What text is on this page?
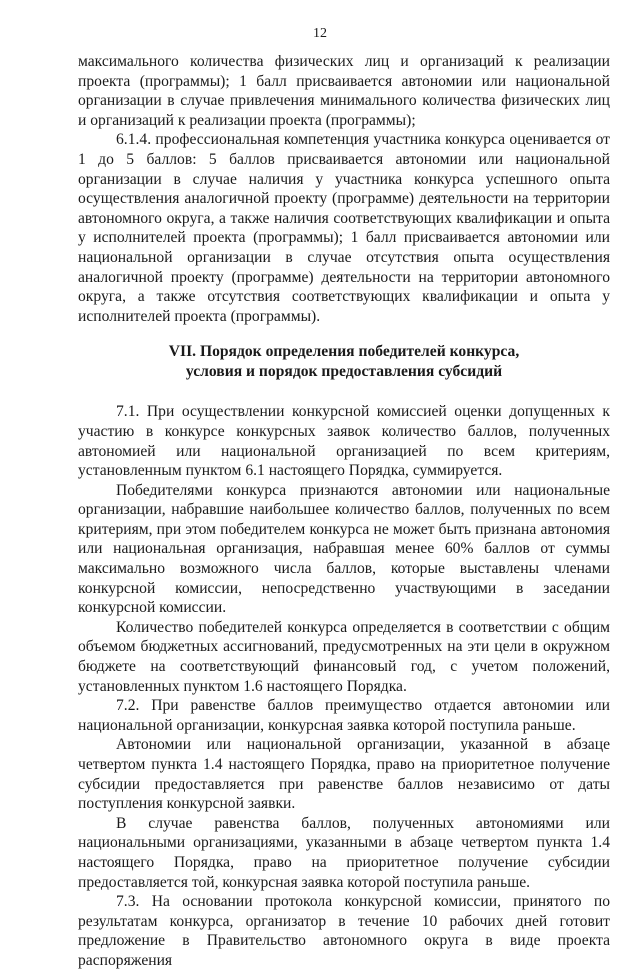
12

максимального количества физических лиц и организаций к реализации проекта (программы); 1 балл присваивается автономии или национальной организации в случае привлечения минимального количества физических лиц и организаций к реализации проекта (программы);

6.1.4. профессиональная компетенция участника конкурса оценивается от 1 до 5 баллов: 5 баллов присваивается автономии или национальной организации в случае наличия у участника конкурса успешного опыта осуществления аналогичной проекту (программе) деятельности на территории автономного округа, а также наличия соответствующих квалификации и опыта у исполнителей проекта (программы); 1 балл присваивается автономии или национальной организации в случае отсутствия опыта осуществления аналогичной проекту (программе) деятельности на территории автономного округа, а также отсутствия соответствующих квалификации и опыта у исполнителей проекта (программы).

VII. Порядок определения победителей конкурса,
условия и порядок предоставления субсидий

7.1. При осуществлении конкурсной комиссией оценки допущенных к участию в конкурсе конкурсных заявок количество баллов, полученных автономией или национальной организацией по всем критериям, установленным пунктом 6.1 настоящего Порядка, суммируется.

Победителями конкурса признаются автономии или национальные организации, набравшие наибольшее количество баллов, полученных по всем критериям, при этом победителем конкурса не может быть признана автономия или национальная организация, набравшая менее 60% баллов от суммы максимально возможного числа баллов, которые выставлены членами конкурсной комиссии, непосредственно участвующими в заседании конкурсной комиссии.

Количество победителей конкурса определяется в соответствии с общим объемом бюджетных ассигнований, предусмотренных на эти цели в окружном бюджете на соответствующий финансовый год, с учетом положений, установленных пунктом 1.6 настоящего Порядка.

7.2. При равенстве баллов преимущество отдается автономии или национальной организации, конкурсная заявка которой поступила раньше.

Автономии или национальной организации, указанной в абзаце четвертом пункта 1.4 настоящего Порядка, право на приоритетное получение субсидии предоставляется при равенстве баллов независимо от даты поступления конкурсной заявки.

В случае равенства баллов, полученных автономиями или национальными организациями, указанными в абзаце четвертом пункта 1.4 настоящего Порядка, право на приоритетное получение субсидии предоставляется той, конкурсная заявка которой поступила раньше.

7.3. На основании протокола конкурсной комиссии, принятого по результатам конкурса, организатор в течение 10 рабочих дней готовит предложение в Правительство автономного округа в виде проекта распоряжения
